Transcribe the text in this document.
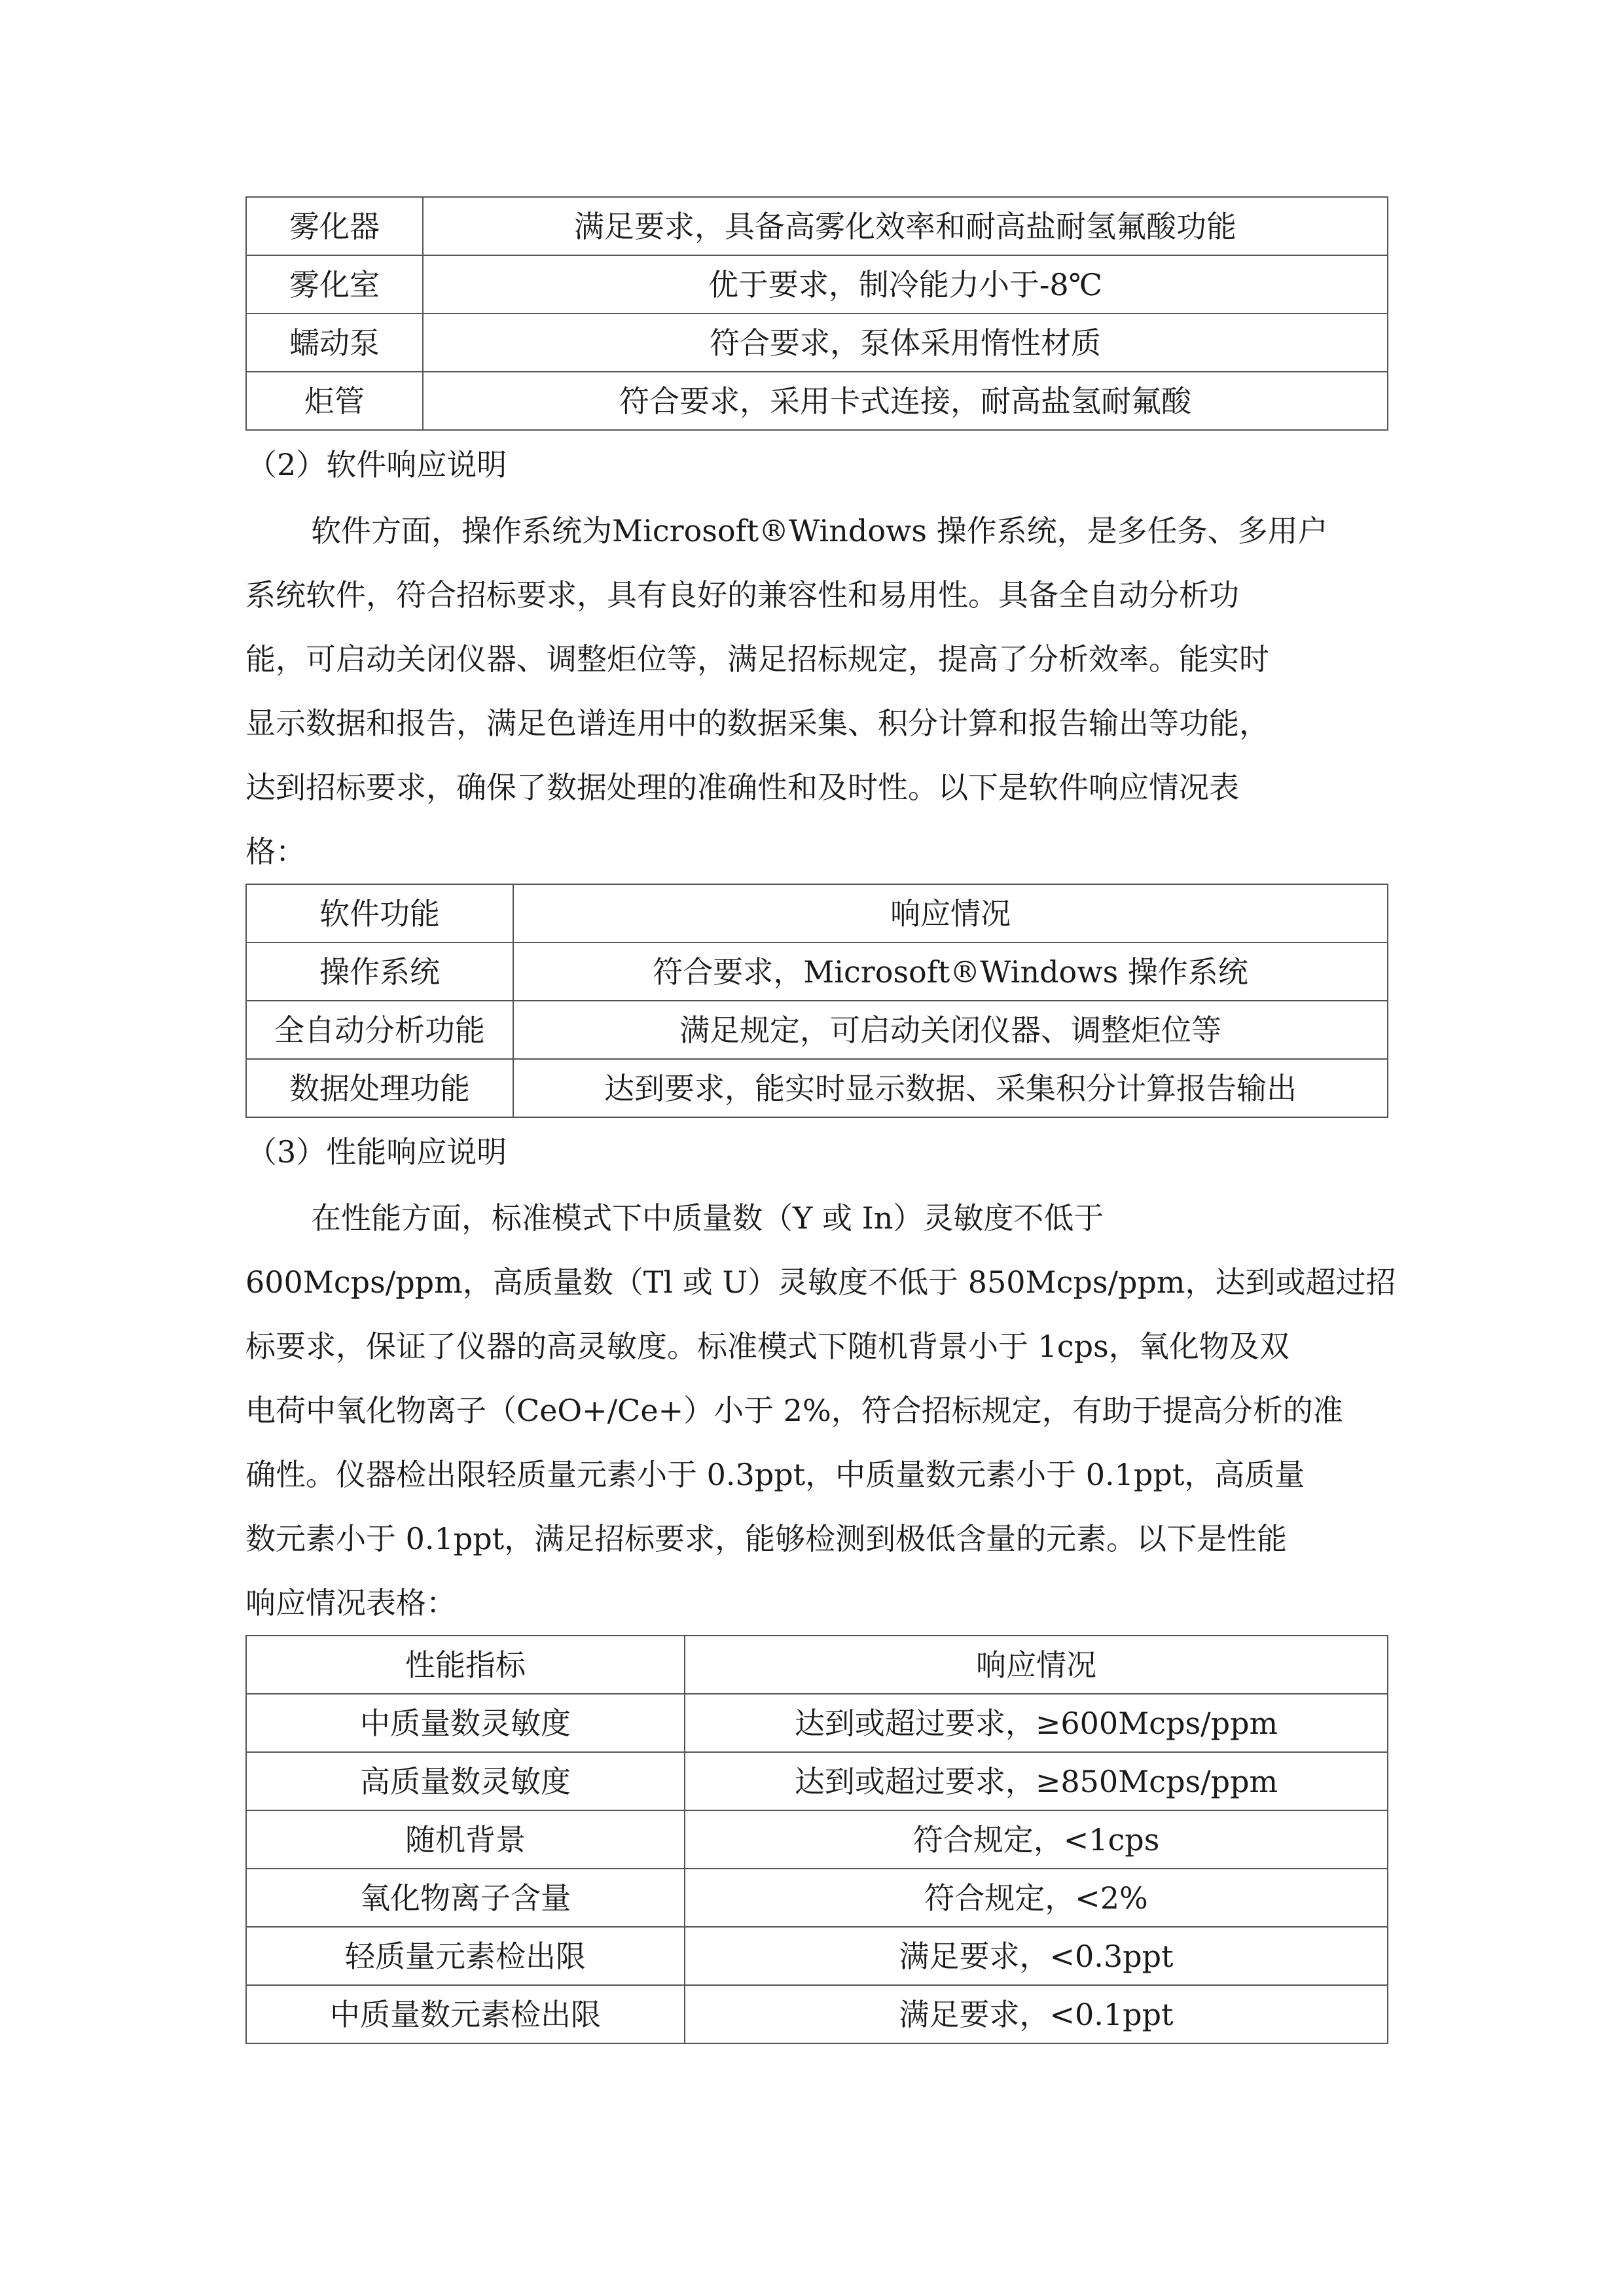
雾化器	满足要求，具备高雾化效率和耐高盐耐氢氟酸功能
雾化室	优于要求，制冷能力小于-8℃
蠕动泵	符合要求，泵体采用惰性材质
炬管	符合要求，采用卡式连接，耐高盐氢耐氟酸
（2）软件响应说明

软件方面，操作系统为Microsoft®Windows 操作系统，是多任务、多用户
系统软件，符合招标要求，具有良好的兼容性和易用性。具备全自动分析功
能，可启动关闭仪器、调整炬位等，满足招标规定，提高了分析效率。能实时
显示数据和报告，满足色谱连用中的数据采集、积分计算和报告输出等功能，
达到招标要求，确保了数据处理的准确性和及时性。以下是软件响应情况表
格：

软件功能	响应情况
操作系统	符合要求，Microsoft®Windows 操作系统
全自动分析功能	满足规定，可启动关闭仪器、调整炬位等
数据处理功能	达到要求，能实时显示数据、采集积分计算报告输出
（3）性能响应说明

在性能方面，标准模式下中质量数（Y 或 In）灵敏度不低于
600Mcps/ppm，高质量数（Tl 或 U）灵敏度不低于 850Mcps/ppm，达到或超过招
标要求，保证了仪器的高灵敏度。标准模式下随机背景小于 1cps，氧化物及双
电荷中氧化物离子（CeO+/Ce+）小于 2%，符合招标规定，有助于提高分析的准
确性。仪器检出限轻质量元素小于 0.3ppt，中质量数元素小于 0.1ppt，高质量
数元素小于 0.1ppt，满足招标要求，能够检测到极低含量的元素。以下是性能
响应情况表格：

性能指标	响应情况
中质量数灵敏度	达到或超过要求，≥600Mcps/ppm
高质量数灵敏度	达到或超过要求，≥850Mcps/ppm
随机背景	符合规定，<1cps
氧化物离子含量	符合规定，<2%
轻质量元素检出限	满足要求，<0.3ppt
中质量数元素检出限	满足要求，<0.1ppt
